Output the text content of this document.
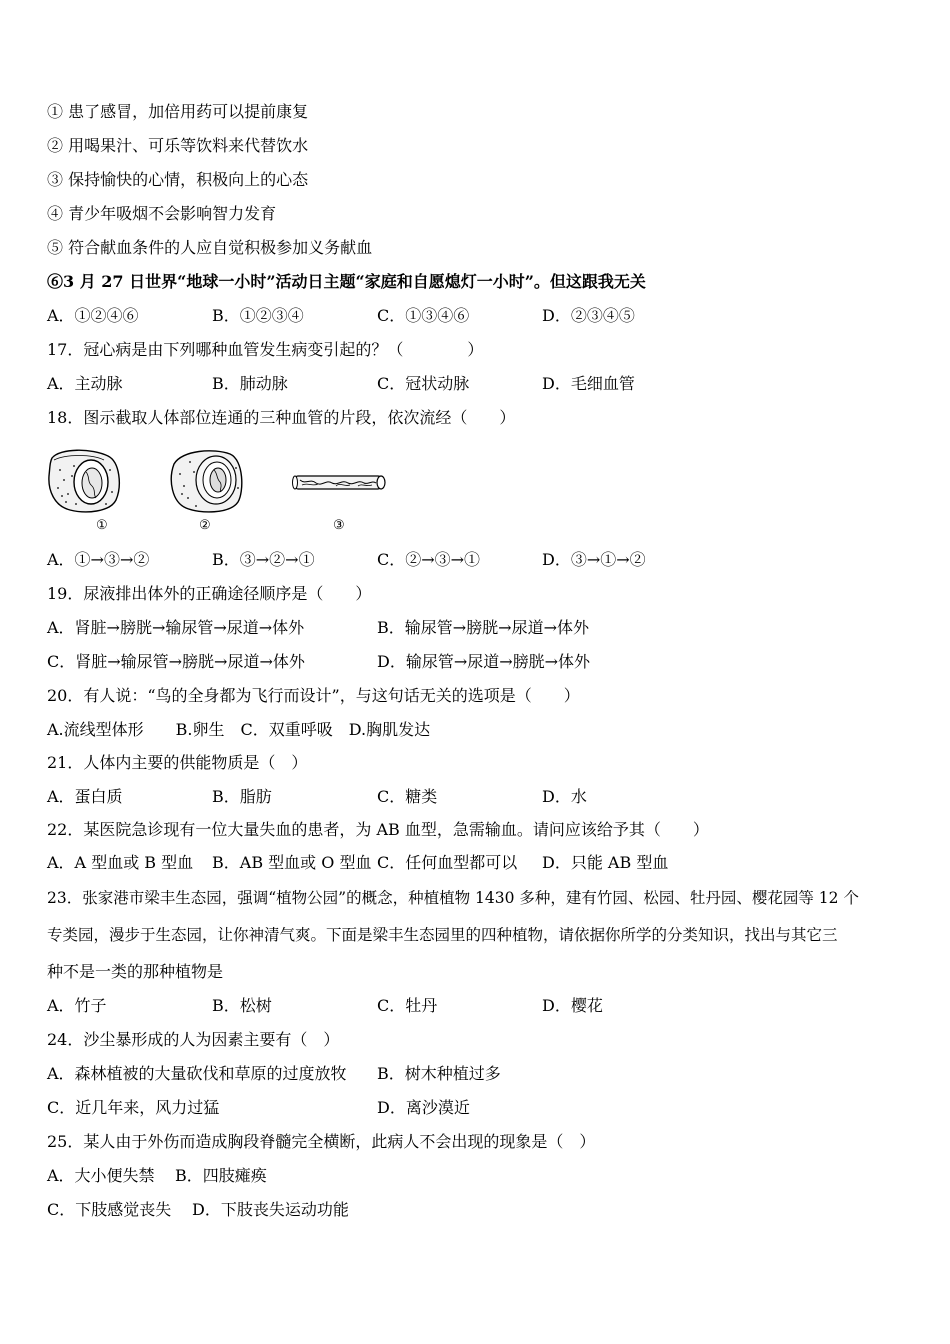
① 患了感冒，加倍用药可以提前康复
② 用喝果汁、可乐等饮料来代替饮水
③ 保持愉快的心情，积极向上的心态
④ 青少年吸烟不会影响智力发育
⑤ 符合献血条件的人应自觉积极参加义务献血
⑥3 月 27 日世界“地球一小时”活动日主题“家庭和自愿熄灯一小时”。但这跟我无关
A．①②④⑥	B．①②③④	C．①③④⑥	D．②③④⑤
17．冠心病是由下列哪种血管发生病变引起的？（　　　　）
A．主动脉	B．肺动脉	C．冠状动脉	D．毛细血管
18．图示截取人体部位连通的三种血管的片段，依次流经（　　）
①	②	③
A．①→③→②	B．③→②→①	C．②→③→①	D．③→①→②
19．尿液排出体外的正确途径顺序是（　　）
A．肾脏→膀胱→输尿管→尿道→体外	B．输尿管→膀胱→尿道→体外
C．肾脏→输尿管→膀胱→尿道→体外	D．输尿管→尿道→膀胱→体外
20．有人说：“鸟的全身都为飞行而设计”，与这句话无关的选项是（　　）
A.流线型体形　　B.卵生　C．双重呼吸　D.胸肌发达
21．人体内主要的供能物质是（　）
A．蛋白质	B．脂肪	C．糖类	D．水
22．某医院急诊现有一位大量失血的患者，为 AB 血型，急需输血。请问应该给予其（　　）
A．A 型血或 B 型血 B．AB 型血或 O 型血 C．任何血型都可以 D．只能 AB 型血
23．张家港市梁丰生态园，强调“植物公园”的概念，种植植物 1430 多种，建有竹园、松园、牡丹园、樱花园等 12 个
专类园，漫步于生态园，让你神清气爽。下面是梁丰生态园里的四种植物，请依据你所学的分类知识，找出与其它三
种不是一类的那种植物是
A．竹子	B．松树	C．牡丹	D．樱花
24．沙尘暴形成的人为因素主要有（　）
A．森林植被的大量砍伐和草原的过度放牧 B．树木种植过多
C．近几年来，风力过猛	D．离沙漠近
25．某人由于外伤而造成胸段脊髓完全横断，此病人不会出现的现象是（　）
A．大小便失禁 B．四肢瘫痪
C．下肢感觉丧失 D．下肢丧失运动功能
